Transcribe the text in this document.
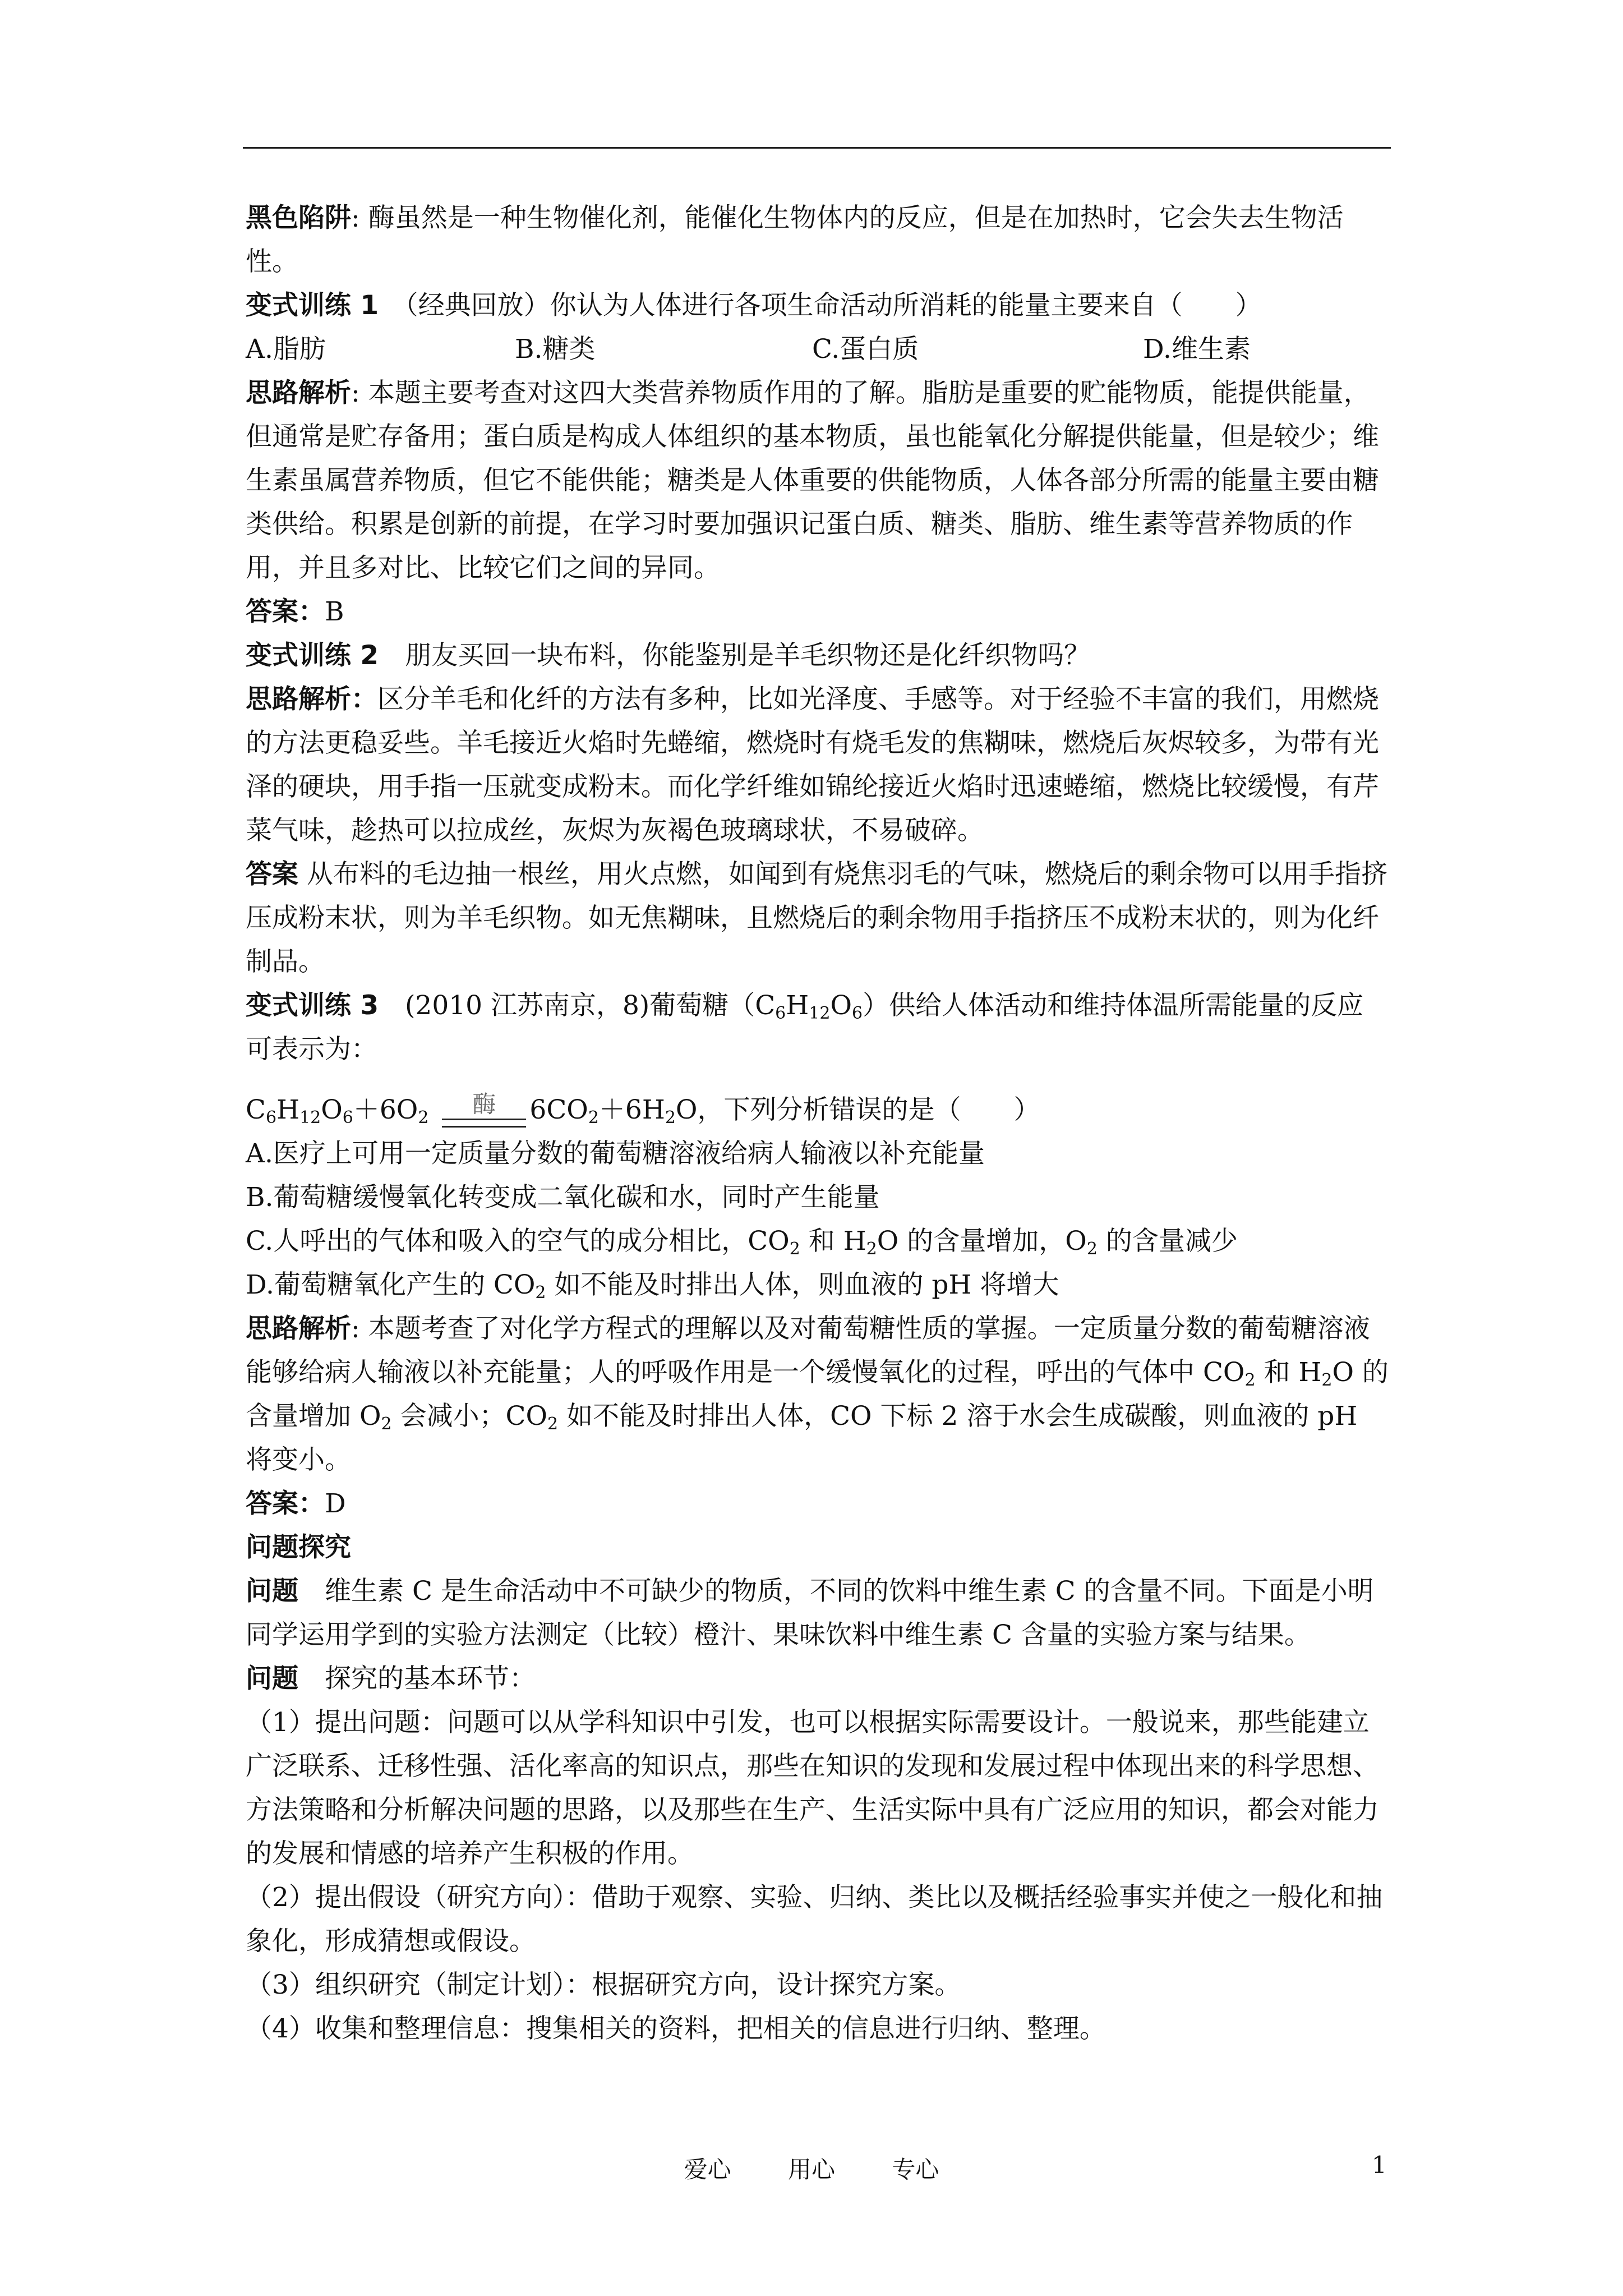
黑色陷阱: 酶虽然是一种生物催化剂，能催化生物体内的反应，但是在加热时，它会失去生物活性。

变式训练 1　 （经典回放）你认为人体进行各项生命活动所消耗的能量主要来自（　　）

A.脂肪	B.糖类	C.蛋白质	D.维生素

思路解析: 本题主要考查对这四大类营养物质作用的了解。脂肪是重要的贮能物质，能提供能量，但通常是贮存备用；蛋白质是构成人体组织的基本物质，虽也能氧化分解提供能量，但是较少；维生素虽属营养物质，但它不能供能；糖类是人体重要的供能物质，人体各部分所需的能量主要由糖类供给。积累是创新的前提，在学习时要加强识记蛋白质、糖类、脂肪、维生素等营养物质的作用，并且多对比、比较它们之间的异同。

答案：B

变式训练 2　 朋友买回一块布料，你能鉴别是羊毛织物还是化纤织物吗？

思路解析：区分羊毛和化纤的方法有多种，比如光泽度、手感等。对于经验不丰富的我们，用燃烧的方法更稳妥些。羊毛接近火焰时先蜷缩，燃烧时有烧毛发的焦糊味，燃烧后灰烬较多，为带有光泽的硬块，用手指一压就变成粉末。而化学纤维如锦纶接近火焰时迅速蜷缩，燃烧比较缓慢，有芹菜气味，趁热可以拉成丝，灰烬为灰褐色玻璃球状，不易破碎。

答案 从布料的毛边抽一根丝，用火点燃，如闻到有烧焦羽毛的气味，燃烧后的剩余物可以用手指挤压成粉末状，则为羊毛织物。如无焦糊味，且燃烧后的剩余物用手指挤压不成粉末状的，则为化纤制品。

变式训练 3　 (2010 江苏南京，8)葡萄糖$(C_6H_{12}O_6)$供给人体活动和维持体温所需能量的反应可表示为：

$C_6H_{12}O_6+6O_2$ 酶 $6CO_2+6H_2O$ ，下列分析错误的是（　　）

A.医疗上可用一定质量分数的葡萄糖溶液给病人输液以补充能量

B.葡萄糖缓慢氧化转变成二氧化碳和水，同时产生能量

C.人呼出的气体和吸入的空气的成分相比，$CO_2$ 和 $H_2O$ 的含量增加，$O_2$ 的含量减少

D.葡萄糖氧化产生的 $CO_2$ 如不能及时排出人体，则血液的 pH 将增大

思路解析: 本题考查了对化学方程式的理解以及对葡萄糖性质的掌握。一定质量分数的葡萄糖溶液能够给病人输液以补充能量；人的呼吸作用是一个缓慢氧化的过程，呼出的气体中 $CO_2$ 和 $H_2O$ 的含量增加 $O_2$ 会减小；$CO_2$ 如不能及时排出人体，CO 下标 2 溶于水会生成碳酸，则血液的 pH 将变小。

答案：D

问题探究

问题　 维生素 C 是生命活动中不可缺少的物质，不同的饮料中维生素 C 的含量不同。下面是小明同学运用学到的实验方法测定（比较）橙汁、果味饮料中维生素 C 含量的实验方案与结果。

问题　 探究的基本环节：

（1）提出问题：问题可以从学科知识中引发，也可以根据实际需要设计。一般说来，那些能建立广泛联系、迁移性强、活化率高的知识点，那些在知识的发现和发展过程中体现出来的科学思想、方法策略和分析解决问题的思路，以及那些在生产、生活实际中具有广泛应用的知识，都会对能力的发展和情感的培养产生积极的作用。

（2）提出假设（研究方向）：借助于观察、实验、归纳、类比以及概括经验事实并使之一般化和抽象化，形成猜想或假设。

（3）组织研究（制定计划）：根据研究方向，设计探究方案。

（4）收集和整理信息：搜集相关的资料，把相关的信息进行归纳、整理。

爱心 用心 专心	1
